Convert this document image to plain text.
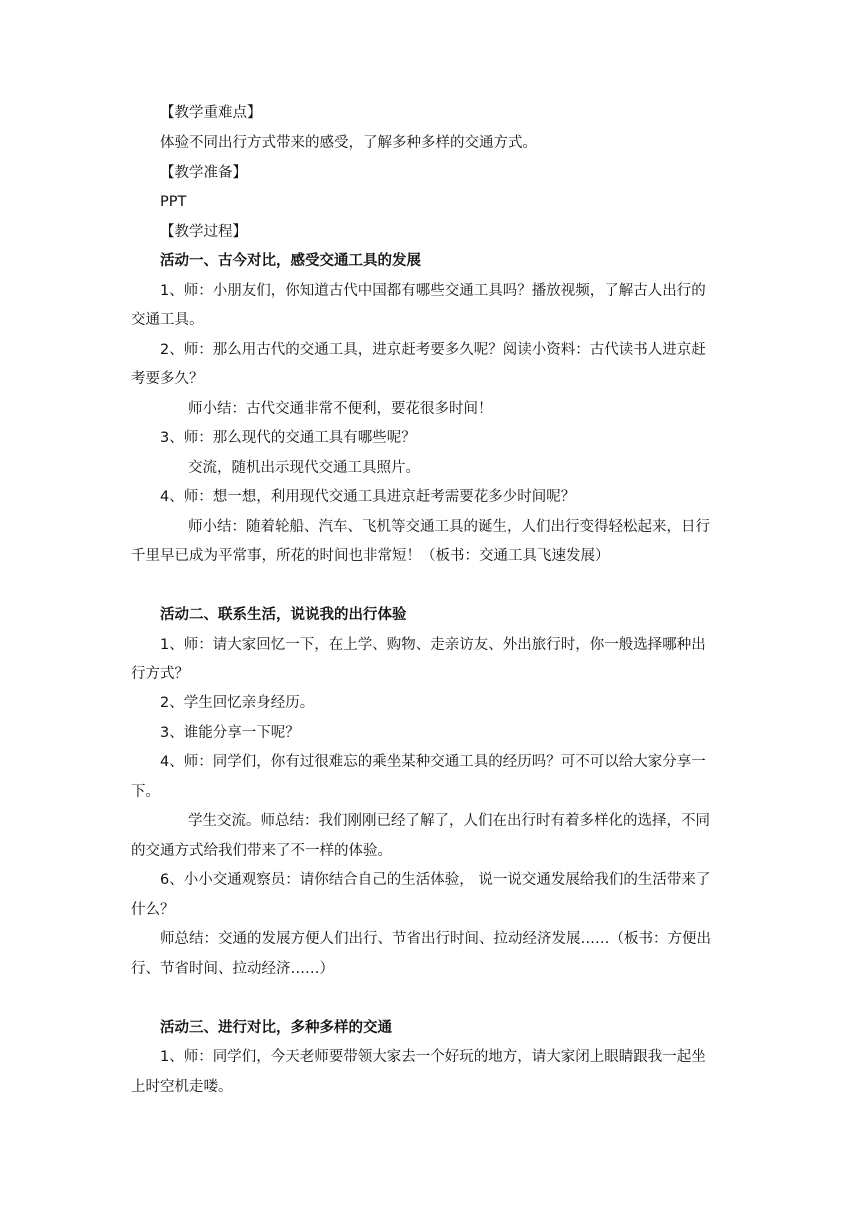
【教学重难点】
体验不同出行方式带来的感受，了解多种多样的交通方式。
【教学准备】
PPT
【教学过程】
活动一、古今对比，感受交通工具的发展
1、师：小朋友们，你知道古代中国都有哪些交通工具吗？播放视频，了解古人出行的
交通工具。
2、师：那么用古代的交通工具，进京赶考要多久呢？阅读小资料：古代读书人进京赶
考要多久？
师小结：古代交通非常不便利，要花很多时间！
3、师：那么现代的交通工具有哪些呢？
交流，随机出示现代交通工具照片。
4、师：想一想，利用现代交通工具进京赶考需要花多少时间呢？
师小结：随着轮船、汽车、飞机等交通工具的诞生，人们出行变得轻松起来，日行
千里早已成为平常事，所花的时间也非常短！（板书：交通工具飞速发展）
活动二、联系生活，说说我的出行体验
1、师：请大家回忆一下，在上学、购物、走亲访友、外出旅行时，你一般选择哪种出
行方式？
2、学生回忆亲身经历。
3、谁能分享一下呢？
4、师：同学们，你有过很难忘的乘坐某种交通工具的经历吗？可不可以给大家分享一
下。
学生交流。师总结：我们刚刚已经了解了，人们在出行时有着多样化的选择，不同
的交通方式给我们带来了不一样的体验。
6、小小交通观察员：请你结合自己的生活体验， 说一说交通发展给我们的生活带来了
什么？
师总结：交通的发展方便人们出行、节省出行时间、拉动经济发展……（板书：方便出
行、节省时间、拉动经济……）
活动三、进行对比，多种多样的交通
1、师：同学们，今天老师要带领大家去一个好玩的地方，请大家闭上眼睛跟我一起坐
上时空机走喽。
